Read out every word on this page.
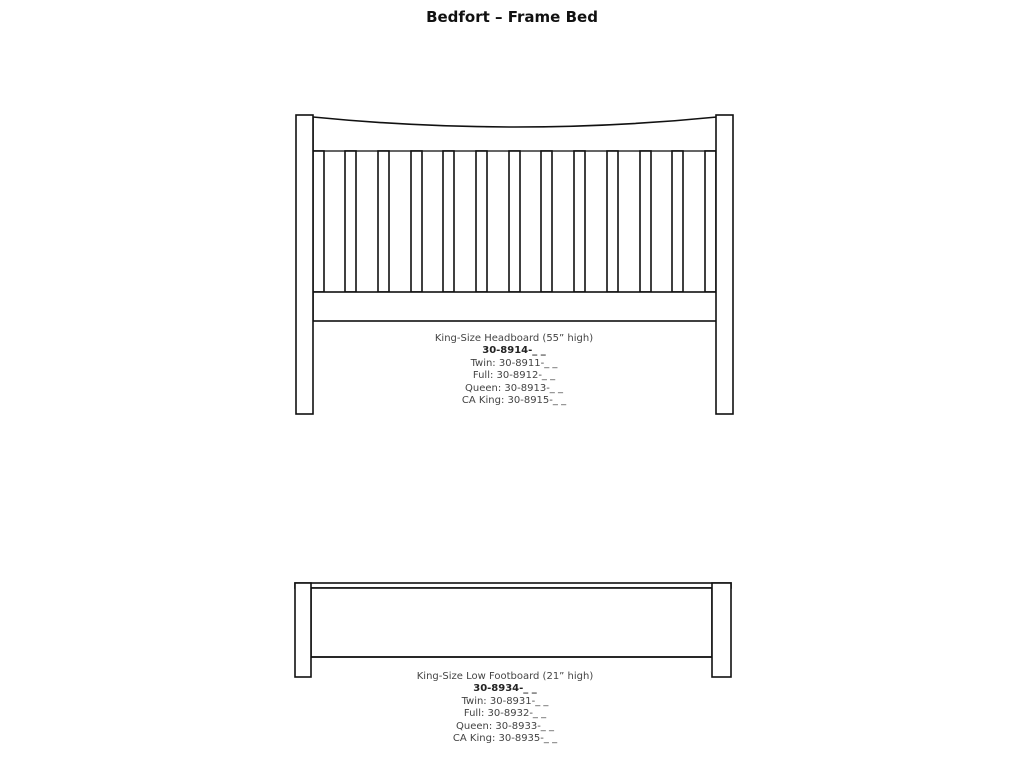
Bedfort – Frame Bed
King-Size Headboard (55” high)
30-8914-_ _
Twin: 30-8911-_ _
Full: 30-8912-_ _
Queen: 30-8913-_ _
CA King: 30-8915-_ _
King-Size Low Footboard (21” high)
30-8934-_ _
Twin: 30-8931-_ _
Full: 30-8932-_ _
Queen: 30-8933-_ _
CA King: 30-8935-_ _
